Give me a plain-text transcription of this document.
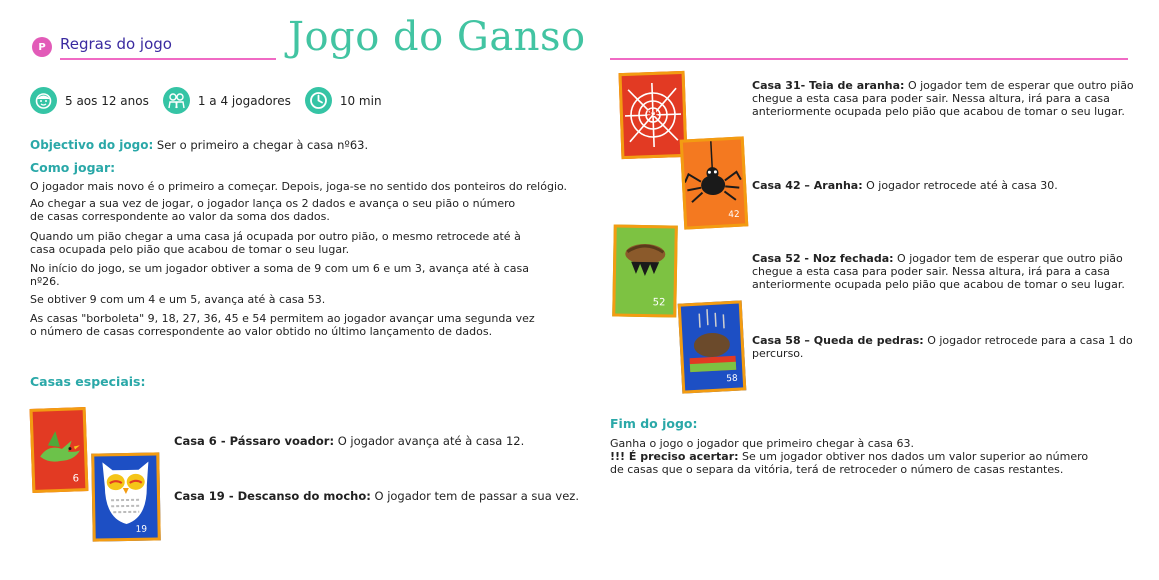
P Regras do jogo	Jogo do Ganso
5 aos 12 anos	1 a 4 jogadores	10 min
Objectivo do jogo: Ser o primeiro a chegar à casa nº63.
Como jogar:
O jogador mais novo é o primeiro a começar. Depois, joga-se no sentido dos ponteiros do relógio.
Ao chegar a sua vez de jogar, o jogador lança os 2 dados e avança o seu pião o número
de casas correspondente ao valor da soma dos dados.
Quando um pião chegar a uma casa já ocupada por outro pião, o mesmo retrocede até à
casa ocupada pelo pião que acabou de tomar o seu lugar.
No início do jogo, se um jogador obtiver a soma de 9 com um 6 e um 3, avança até à casa
nº26.
Se obtiver 9 com um 4 e um 5, avança até à casa 53.
As casas "borboleta" 9, 18, 27, 36, 45 e 54 permitem ao jogador avançar uma segunda vez
o número de casas correspondente ao valor obtido no último lançamento de dados.
Casas especiais:
6
19
Casa 6 - Pássaro voador: O jogador avança até à casa 12.
Casa 19 - Descanso do mocho: O jogador tem de passar a sua vez.
31
42
52
58
Casa 31- Teia de aranha: O jogador tem de esperar que outro pião
chegue a esta casa para poder sair. Nessa altura, irá para a casa
anteriormente ocupada pelo pião que acabou de tomar o seu lugar.
Casa 42 – Aranha: O jogador retrocede até à casa 30.
Casa 52 - Noz fechada: O jogador tem de esperar que outro pião
chegue a esta casa para poder sair. Nessa altura, irá para a casa
anteriormente ocupada pelo pião que acabou de tomar o seu lugar.
Casa 58 – Queda de pedras: O jogador retrocede para a casa 1 do
percurso.
Fim do jogo:
Ganha o jogo o jogador que primeiro chegar à casa 63.
!!! É preciso acertar: Se um jogador obtiver nos dados um valor superior ao número
de casas que o separa da vitória, terá de retroceder o número de casas restantes.
